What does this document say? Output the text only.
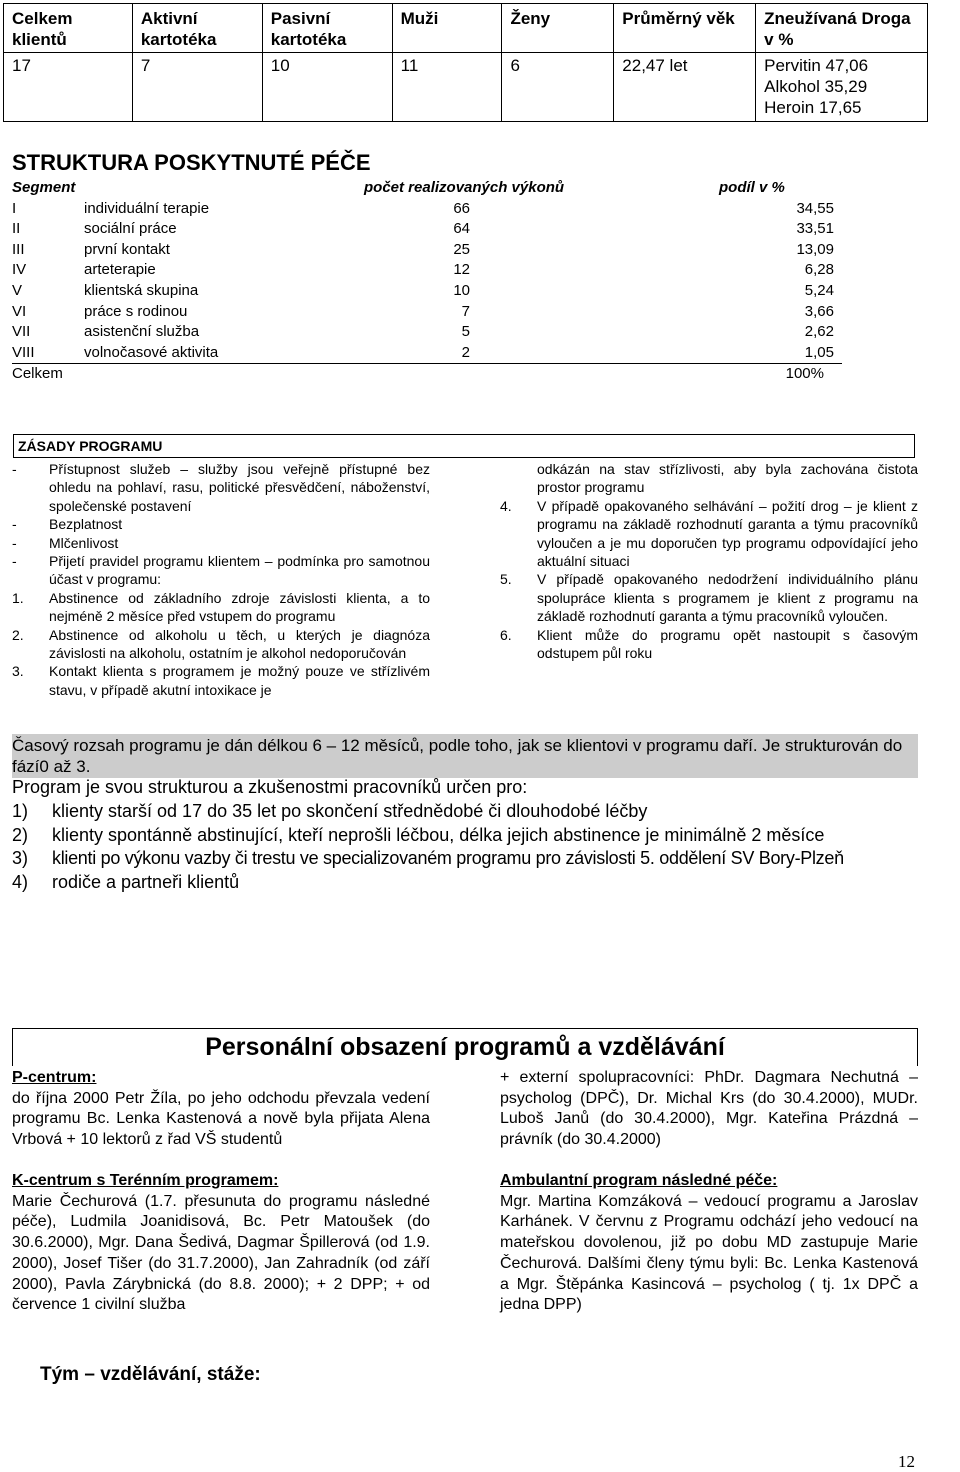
Celkem klientů	Aktivní kartotéka	Pasivní kartotéka	Muži	Ženy	Průměrný věk	Zneužívaná Droga v %
17	7	10	11	6	22,47 let	Pervitin 47,06
Alkohol 35,29
Heroin 17,65
STRUKTURA POSKYTNUTÉ PÉČE
Segment	počet realizovaných výkonů	podíl v %
I	individuální terapie	66	34,55
II	sociální práce	64	33,51
III	první kontakt	25	13,09
IV	arteterapie	12	6,28
V	klientská skupina	10	5,24
VI	práce s rodinou	7	3,66
VII	asistenční služba	5	2,62
VIII	volnočasové aktivita	2	1,05
Celkem	100%
ZÁSADY PROGRAMU
- Přístupnost služeb – služby jsou veřejně přístupné bez ohledu na pohlaví, rasu, politické přesvědčení, náboženství, společenské postavení
- Bezplatnost
- Mlčenlivost
- Přijetí pravidel programu klientem – podmínka pro samotnou účast v programu:
1. Abstinence od základního zdroje závislosti klienta, a to nejméně 2 měsíce před vstupem do programu
2. Abstinence od alkoholu u těch, u kterých je diagnóza závislosti na alkoholu, ostatním je alkohol nedoporučován
3. Kontakt klienta s programem je možný pouze ve střízlivém stavu, v případě akutní intoxikace je
odkázán na stav střízlivosti, aby byla zachována čistota prostor programu
4. V případě opakovaného selhávání – požití drog – je klient z programu na základě rozhodnutí garanta a týmu pracovníků vyloučen a je mu doporučen typ programu odpovídající jeho aktuální situaci
5. V případě opakovaného nedodržení individuálního plánu spolupráce klienta s programem je klient z programu na základě rozhodnutí garanta a týmu pracovníků vyloučen.
6. Klient může do programu opět nastoupit s časovým odstupem půl roku
Časový rozsah programu je dán délkou 6 – 12 měsíců, podle toho, jak se klientovi v programu daří. Je strukturován do fází0 až 3.
Program je svou strukturou a zkušenostmi pracovníků určen pro:
1) klienty starší od 17 do 35 let po skončení střednědobé či dlouhodobé léčby
2) klienty spontánně abstinující, kteří neprošli léčbou, délka jejich abstinence je minimálně 2 měsíce
3) klienti po výkonu vazby či trestu ve specializovaném programu pro závislosti 5. oddělení SV Bory-Plzeň
4) rodiče a partneři klientů
Personální obsazení programů a vzdělávání
P-centrum:
do října 2000 Petr Žíla, po jeho odchodu převzala vedení programu Bc. Lenka Kastenová a nově byla přijata Alena Vrbová + 10 lektorů z řad VŠ studentů
+ externí spolupracovníci: PhDr. Dagmara Nechutná – psycholog (DPČ), Dr. Michal Krs (do 30.4.2000), MUDr. Luboš Janů (do 30.4.2000), Mgr. Kateřina Prázdná – právník (do 30.4.2000)
K-centrum s Terénním programem:
Marie Čechurová (1.7. přesunuta do programu následné péče), Ludmila Joanidisová, Bc. Petr Matoušek (do 30.6.2000), Mgr. Dana Šedivá, Dagmar Špillerová (od 1.9. 2000), Josef Tišer (do 31.7.2000), Jan Zahradník (od září 2000), Pavla Zárybnická (do 8.8. 2000); + 2 DPP; + od července 1 civilní služba
Ambulantní program následné péče:
Mgr. Martina Komzáková – vedoucí programu a Jaroslav Karhánek. V červnu z Programu odchází jeho vedoucí na mateřskou dovolenou, již po dobu MD zastupuje Marie Čechurová. Dalšími členy týmu byli: Bc. Lenka Kastenová a Mgr. Štěpánka Kasincová – psycholog ( tj. 1x DPČ a jedna DPP)
Tým – vzdělávání, stáže:
12
